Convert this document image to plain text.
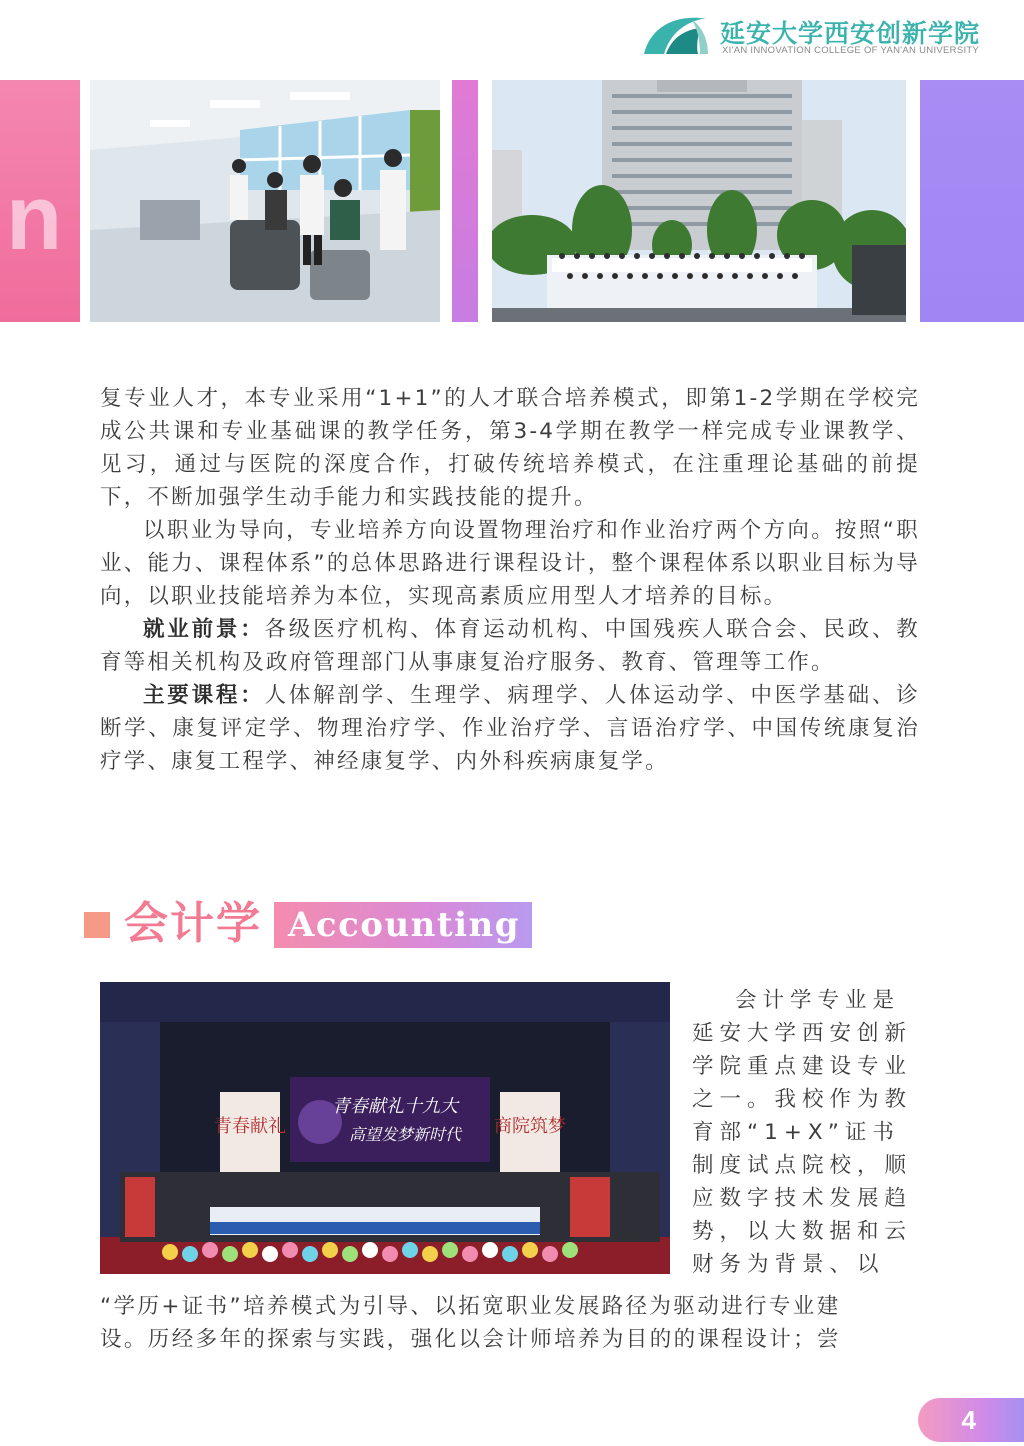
延安大学西安创新学院
XI'AN INNOVATION COLLEGE OF YAN'AN UNIVERSITY
n

复专业人才，本专业采用“1+1”的人才联合培养模式，即第1-2学期在学校完成公共课和专业基础课的教学任务，第3-4学期在教学一样完成专业课教学、见习，通过与医院的深度合作，打破传统培养模式，在注重理论基础的前提下，不断加强学生动手能力和实践技能的提升。

以职业为导向，专业培养方向设置物理治疗和作业治疗两个方向。按照“职业、能力、课程体系”的总体思路进行课程设计，整个课程体系以职业目标为导向，以职业技能培养为本位，实现高素质应用型人才培养的目标。

就业前景：各级医疗机构、体育运动机构、中国残疾人联合会、民政、教育等相关机构及政府管理部门从事康复治疗服务、教育、管理等工作。

主要课程：人体解剖学、生理学、病理学、人体运动学、中医学基础、诊断学、康复评定学、物理治疗学、作业治疗学、言语治疗学、中国传统康复治疗学、康复工程学、神经康复学、内外科疾病康复学。

会计学 Accounting
青春献礼	商院筑梦
青春献礼十九大
高望发梦新时代

会计学专业是

延安大学西安创新

学院重点建设专业

之一。我校作为教

育部“1+X”证书

制度试点院校，顺

应数字技术发展趋

势，以大数据和云

财务为背景、以

“学历+证书”培养模式为引导、以拓宽职业发展路径为驱动进行专业建

设。历经多年的探索与实践，强化以会计师培养为目的的课程设计；尝

4
